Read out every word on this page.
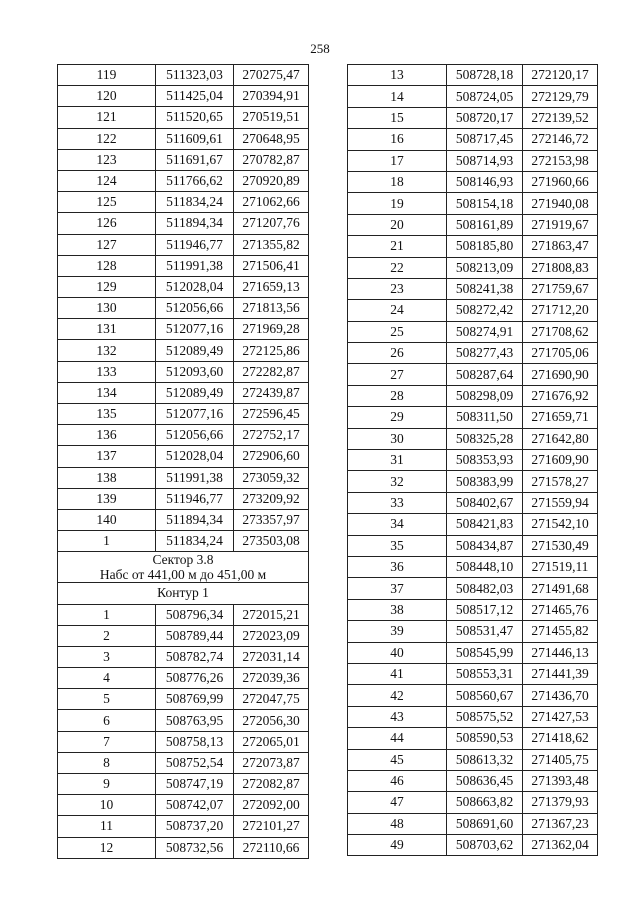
258
119	511323,03	270275,47
120	511425,04	270394,91
121	511520,65	270519,51
122	511609,61	270648,95
123	511691,67	270782,87
124	511766,62	270920,89
125	511834,24	271062,66
126	511894,34	271207,76
127	511946,77	271355,82
128	511991,38	271506,41
129	512028,04	271659,13
130	512056,66	271813,56
131	512077,16	271969,28
132	512089,49	272125,86
133	512093,60	272282,87
134	512089,49	272439,87
135	512077,16	272596,45
136	512056,66	272752,17
137	512028,04	272906,60
138	511991,38	273059,32
139	511946,77	273209,92
140	511894,34	273357,97
1	511834,24	273503,08

Сектор 3.8
Набс от 441,00 м до 451,00 м		

Контур 1		
1	508796,34	272015,21
2	508789,44	272023,09
3	508782,74	272031,14
4	508776,26	272039,36
5	508769,99	272047,75
6	508763,95	272056,30
7	508758,13	272065,01
8	508752,54	272073,87
9	508747,19	272082,87
10	508742,07	272092,00
11	508737,20	272101,27
12	508732,56	272110,66
13	508728,18	272120,17
14	508724,05	272129,79
15	508720,17	272139,52
16	508717,45	272146,72
17	508714,93	272153,98
18	508146,93	271960,66
19	508154,18	271940,08
20	508161,89	271919,67
21	508185,80	271863,47
22	508213,09	271808,83
23	508241,38	271759,67
24	508272,42	271712,20
25	508274,91	271708,62
26	508277,43	271705,06
27	508287,64	271690,90
28	508298,09	271676,92
29	508311,50	271659,71
30	508325,28	271642,80
31	508353,93	271609,90
32	508383,99	271578,27
33	508402,67	271559,94
34	508421,83	271542,10
35	508434,87	271530,49
36	508448,10	271519,11
37	508482,03	271491,68
38	508517,12	271465,76
39	508531,47	271455,82
40	508545,99	271446,13
41	508553,31	271441,39
42	508560,67	271436,70
43	508575,52	271427,53
44	508590,53	271418,62
45	508613,32	271405,75
46	508636,45	271393,48
47	508663,82	271379,93
48	508691,60	271367,23
49	508703,62	271362,04
